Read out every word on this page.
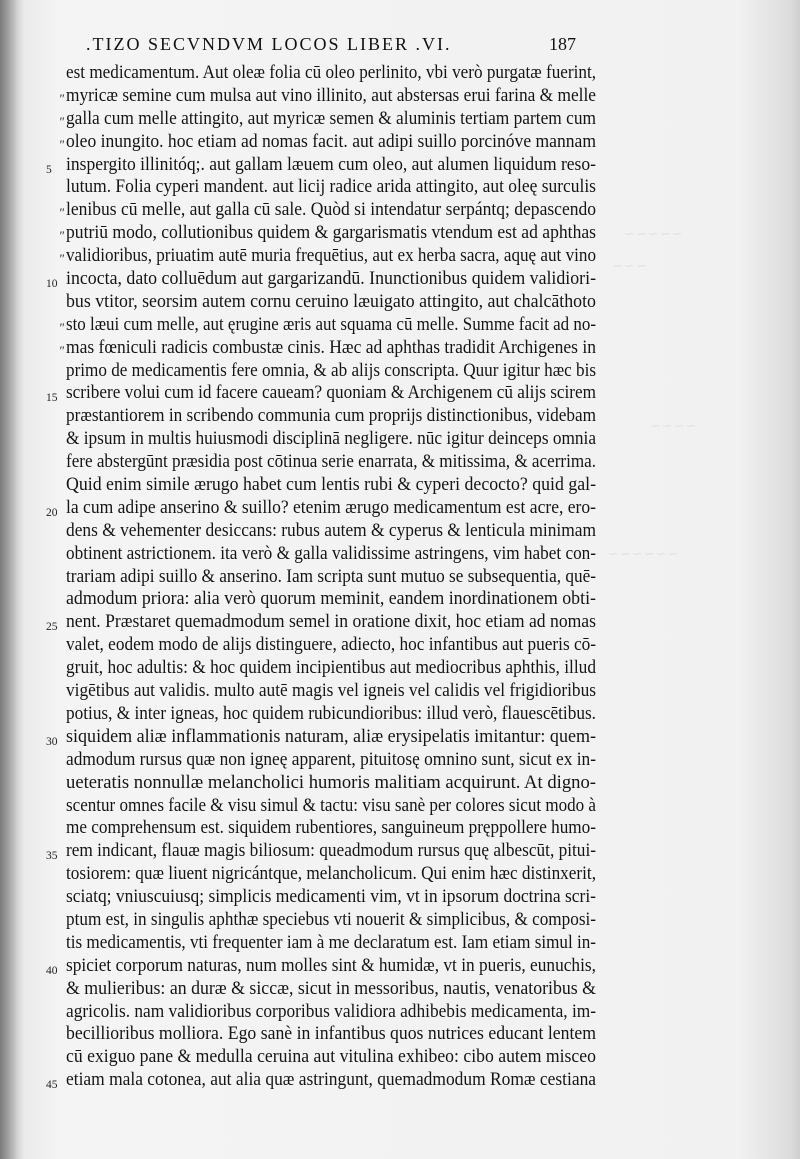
∽∽∽∽∽
∽∽∽
∽∽∽∽
∽∽∽∽∽∽
.TIZO SECVNDVM LOCOS LIBER .VI.	187
est medicamentum. Aut oleæ folia cū oleo perlinito, vbi verò purgatæ fuerint,
" myricæ semine cum mulsa aut vino illinito, aut abstersas erui farina & melle
" galla cum melle attingito, aut myricæ semen & aluminis tertiam partem cum
" oleo inungito. hoc etiam ad nomas facit. aut adipi suillo porcinóve mannam
5 inspergito illinitóq;. aut gallam læuem cum oleo, aut alumen liquidum reso-
lutum. Folia cyperi mandent. aut licij radice arida attingito, aut oleę surculis
" lenibus cū melle, aut galla cū sale. Quòd si intendatur serpántq; depascendo
" putriū modo, collutionibus quidem & gargarismatis vtendum est ad aphthas
" validioribus, priuatim autē muria frequētius, aut ex herba sacra, aquę aut vino
10 incocta, dato colluēdum aut gargarizandū. Inunctionibus quidem validiori-
bus vtitor, seorsim autem cornu ceruino læuigato attingito, aut chalcāthoto
" sto læui cum melle, aut ęrugine æris aut squama cū melle. Summe facit ad no-
" mas fœniculi radicis combustæ cinis. Hæc ad aphthas tradidit Archigenes in
primo de medicamentis fere omnia, & ab alijs conscripta. Quur igitur hæc bis
15 scribere volui cum id facere caueam? quoniam & Archigenem cū alijs scirem
præstantiorem in scribendo communia cum proprijs distinctionibus, videbam
& ipsum in multis huiusmodi disciplinā negligere. nūc igitur deinceps omnia
fere abstergūnt præsidia post cōtinua serie enarrata, & mitissima, & acerrima.
Quid enim simile ærugo habet cum lentis rubi & cyperi decocto? quid gal-
20 la cum adipe anserino & suillo? etenim ærugo medicamentum est acre, ero-
dens & vehementer desiccans: rubus autem & cyperus & lenticula minimam
obtinent astrictionem. ita verò & galla validissime astringens, vim habet con-
trariam adipi suillo & anserino. Iam scripta sunt mutuo se subsequentia, quē-
admodum priora: alia verò quorum meminit, eandem inordinationem obti-
25 nent. Præstaret quemadmodum semel in oratione dixit, hoc etiam ad nomas
valet, eodem modo de alijs distinguere, adiecto, hoc infantibus aut pueris cō-
gruit, hoc adultis: & hoc quidem incipientibus aut mediocribus aphthis, illud
vigētibus aut validis. multo autē magis vel igneis vel calidis vel frigidioribus
potius, & inter igneas, hoc quidem rubicundioribus: illud verò, flauescētibus.
30 siquidem aliæ inflammationis naturam, aliæ erysipelatis imitantur: quem-
admodum rursus quæ non igneę apparent, pituitosę omnino sunt, sicut ex in-
ueteratis nonnullæ melancholici humoris malitiam acquirunt. At digno-
scentur omnes facile & visu simul & tactu: visu sanè per colores sicut modo à
me comprehensum est. siquidem rubentiores, sanguineum pręppollere humo-
35 rem indicant, flauæ magis biliosum: queadmodum rursus quę albescūt, pitui-
tosiorem: quæ liuent nigricántque, melancholicum. Qui enim hæc distinxerit,
sciatq; vniuscuiusq; simplicis medicamenti vim, vt in ipsorum doctrina scri-
ptum est, in singulis aphthæ speciebus vti nouerit & simplicibus, & composi-
tis medicamentis, vti frequenter iam à me declaratum est. Iam etiam simul in-
40 spiciet corporum naturas, num molles sint & humidæ, vt in pueris, eunuchis,
& mulieribus: an duræ & siccæ, sicut in messoribus, nautis, venatoribus &
agricolis. nam validioribus corporibus validiora adhibebis medicamenta, im-
becillioribus molliora. Ego sanè in infantibus quos nutrices educant lentem
cū exiguo pane & medulla ceruina aut vitulina exhibeo: cibo autem misceo
45 etiam mala cotonea, aut alia quæ astringunt, quemadmodum Romæ cestiana
